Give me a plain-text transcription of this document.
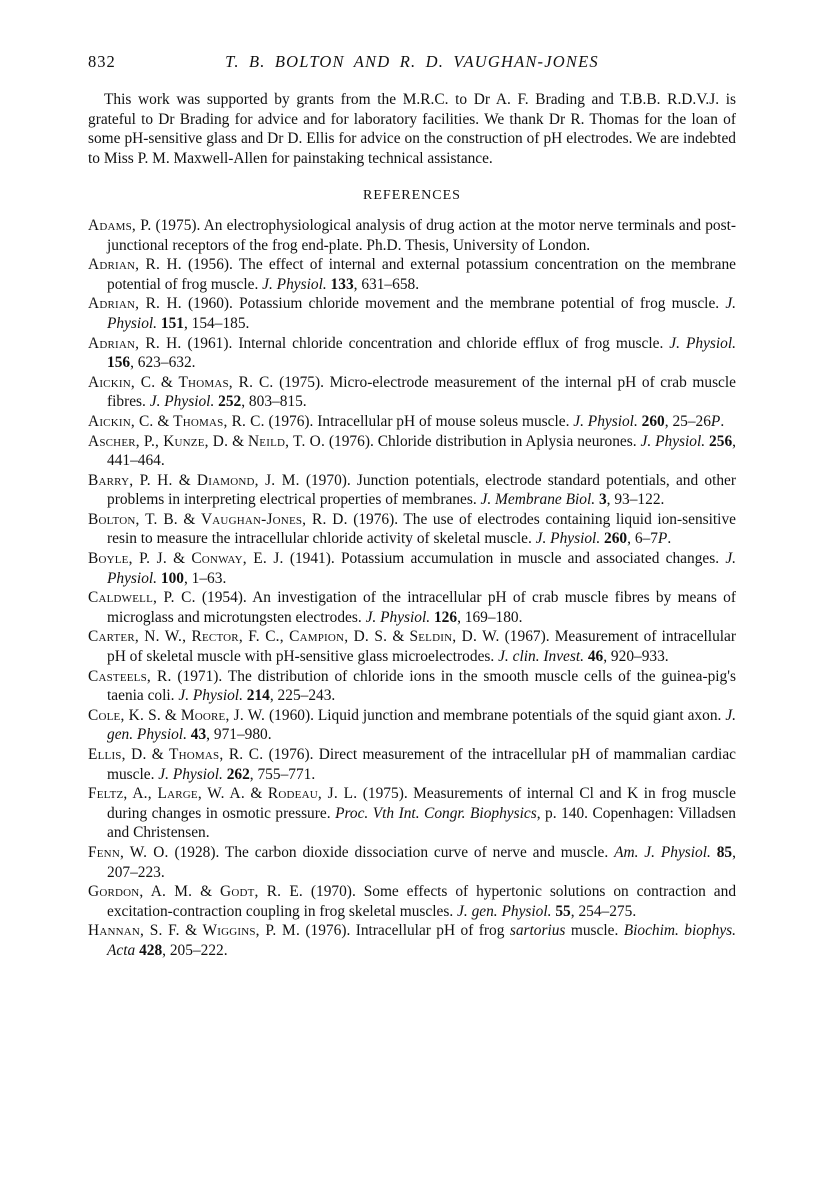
832	T. B. BOLTON AND R. D. VAUGHAN-JONES

This work was supported by grants from the M.R.C. to Dr A. F. Brading and T.B.B. R.D.V.J. is grateful to Dr Brading for advice and for laboratory facilities. We thank Dr R. Thomas for the loan of some pH-sensitive glass and Dr D. Ellis for advice on the construction of pH electrodes. We are indebted to Miss P. M. Maxwell-Allen for painstaking technical assistance.

REFERENCES

Adams, P. (1975). An electrophysiological analysis of drug action at the motor nerve terminals and post-junctional receptors of the frog end-plate. Ph.D. Thesis, University of London.

Adrian, R. H. (1956). The effect of internal and external potassium concentration on the membrane potential of frog muscle. J. Physiol. 133, 631–658.

Adrian, R. H. (1960). Potassium chloride movement and the membrane potential of frog muscle. J. Physiol. 151, 154–185.

Adrian, R. H. (1961). Internal chloride concentration and chloride efflux of frog muscle. J. Physiol. 156, 623–632.

Aickin, C. & Thomas, R. C. (1975). Micro-electrode measurement of the internal pH of crab muscle fibres. J. Physiol. 252, 803–815.

Aickin, C. & Thomas, R. C. (1976). Intracellular pH of mouse soleus muscle. J. Physiol. 260, 25–26P.

Ascher, P., Kunze, D. & Neild, T. O. (1976). Chloride distribution in Aplysia neurones. J. Physiol. 256, 441–464.

Barry, P. H. & Diamond, J. M. (1970). Junction potentials, electrode standard potentials, and other problems in interpreting electrical properties of membranes. J. Membrane Biol. 3, 93–122.

Bolton, T. B. & Vaughan-Jones, R. D. (1976). The use of electrodes containing liquid ion-sensitive resin to measure the intracellular chloride activity of skeletal muscle. J. Physiol. 260, 6–7P.

Boyle, P. J. & Conway, E. J. (1941). Potassium accumulation in muscle and associated changes. J. Physiol. 100, 1–63.

Caldwell, P. C. (1954). An investigation of the intracellular pH of crab muscle fibres by means of microglass and microtungsten electrodes. J. Physiol. 126, 169–180.

Carter, N. W., Rector, F. C., Campion, D. S. & Seldin, D. W. (1967). Measurement of intracellular pH of skeletal muscle with pH-sensitive glass microelectrodes. J. clin. Invest. 46, 920–933.

Casteels, R. (1971). The distribution of chloride ions in the smooth muscle cells of the guinea-pig's taenia coli. J. Physiol. 214, 225–243.

Cole, K. S. & Moore, J. W. (1960). Liquid junction and membrane potentials of the squid giant axon. J. gen. Physiol. 43, 971–980.

Ellis, D. & Thomas, R. C. (1976). Direct measurement of the intracellular pH of mammalian cardiac muscle. J. Physiol. 262, 755–771.

Feltz, A., Large, W. A. & Rodeau, J. L. (1975). Measurements of internal Cl and K in frog muscle during changes in osmotic pressure. Proc. Vth Int. Congr. Biophysics, p. 140. Copenhagen: Villadsen and Christensen.

Fenn, W. O. (1928). The carbon dioxide dissociation curve of nerve and muscle. Am. J. Physiol. 85, 207–223.

Gordon, A. M. & Godt, R. E. (1970). Some effects of hypertonic solutions on contraction and excitation-contraction coupling in frog skeletal muscles. J. gen. Physiol. 55, 254–275.

Hannan, S. F. & Wiggins, P. M. (1976). Intracellular pH of frog sartorius muscle. Biochim. biophys. Acta 428, 205–222.
